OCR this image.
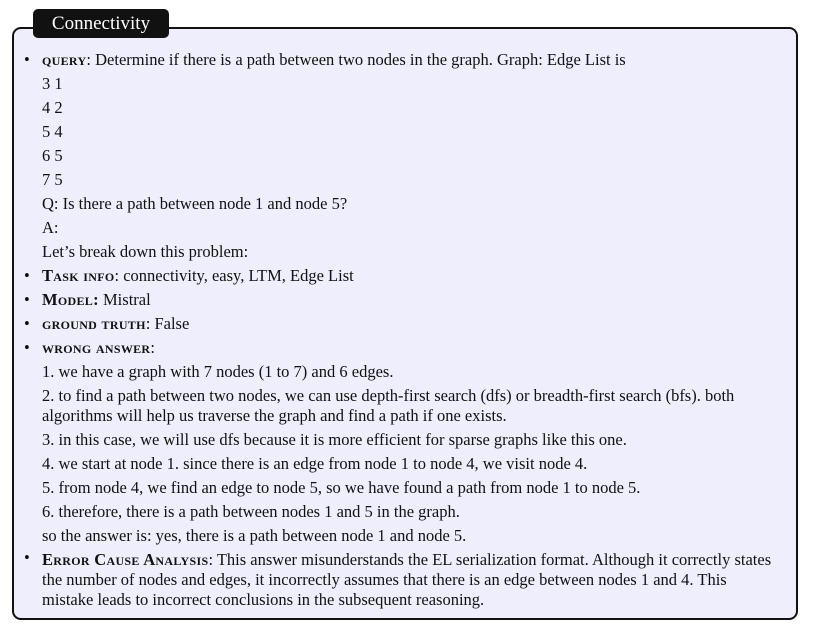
Connectivity
• query: Determine if there is a path between two nodes in the graph. Graph: Edge List is
3 1
4 2
5 4
6 5
7 5
Q: Is there a path between node 1 and node 5?
A:
Let’s break down this problem:
• Task info: connectivity, easy, LTM, Edge List
• Model: Mistral
• ground truth: False
• wrong answer:
1. we have a graph with 7 nodes (1 to 7) and 6 edges.
2. to find a path between two nodes, we can use depth-first search (dfs) or breadth-first search (bfs). both algorithms will help us traverse the graph and find a path if one exists.
3. in this case, we will use dfs because it is more efficient for sparse graphs like this one.
4. we start at node 1. since there is an edge from node 1 to node 4, we visit node 4.
5. from node 4, we find an edge to node 5, so we have found a path from node 1 to node 5.
6. therefore, there is a path between nodes 1 and 5 in the graph.
so the answer is: yes, there is a path between node 1 and node 5.
• Error Cause Analysis: This answer misunderstands the EL serialization format. Although it correctly states the number of nodes and edges, it incorrectly assumes that there is an edge between nodes 1 and 4. This mistake leads to incorrect conclusions in the subsequent reasoning.
